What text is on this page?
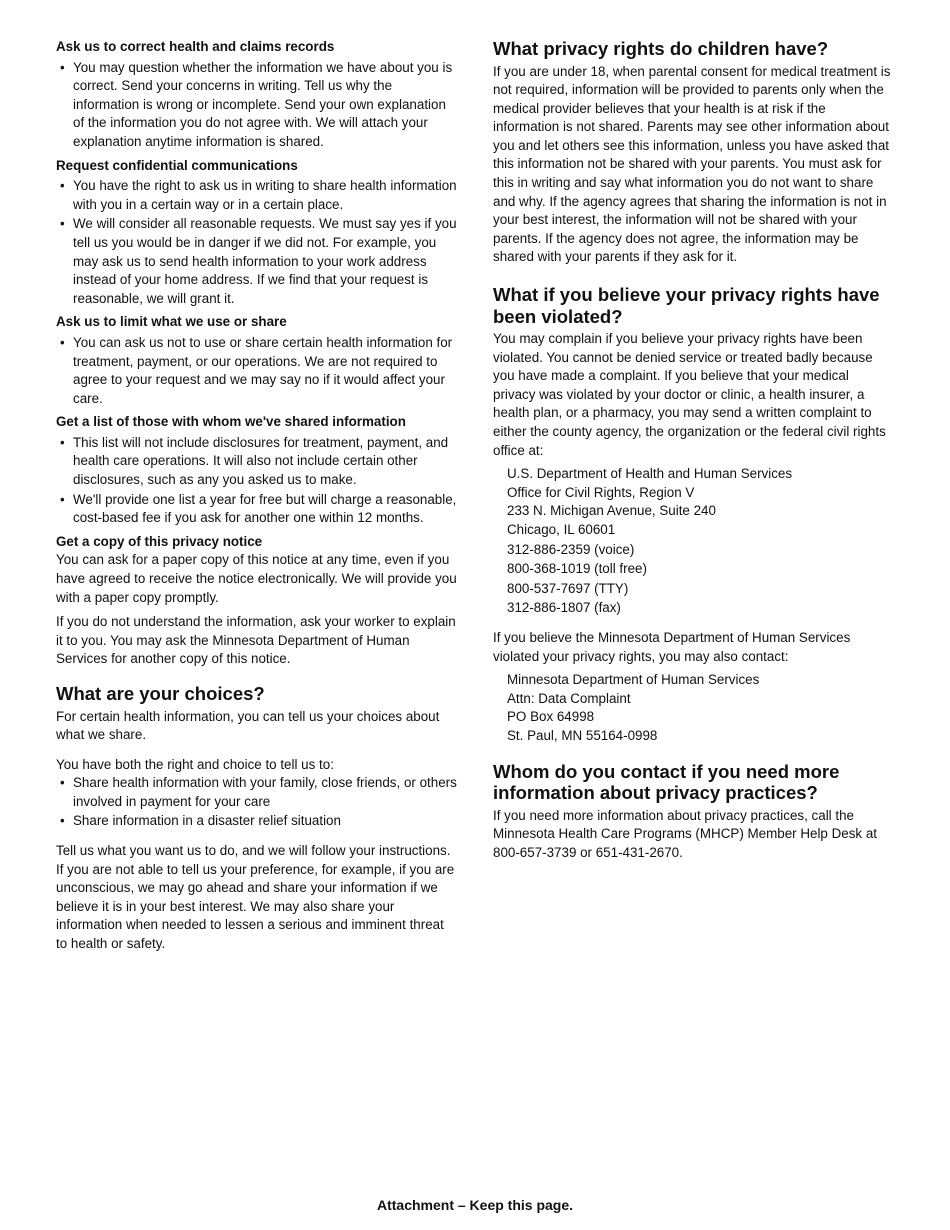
Ask us to correct health and claims records

• You may question whether the information we have about you is correct. Send your concerns in writing. Tell us why the information is wrong or incomplete. Send your own explanation of the information you do not agree with. We will attach your explanation anytime information is shared.

Request confidential communications

• You have the right to ask us in writing to share health information with you in a certain way or in a certain place.
• We will consider all reasonable requests. We must say yes if you tell us you would be in danger if we did not. For example, you may ask us to send health information to your work address instead of your home address. If we find that your request is reasonable, we will grant it.

Ask us to limit what we use or share

• You can ask us not to use or share certain health information for treatment, payment, or our operations. We are not required to agree to your request and we may say no if it would affect your care.

Get a list of those with whom we've shared information

• This list will not include disclosures for treatment, payment, and health care operations. It will also not include certain other disclosures, such as any you asked us to make.
• We'll provide one list a year for free but will charge a reasonable, cost-based fee if you ask for another one within 12 months.

Get a copy of this privacy notice

You can ask for a paper copy of this notice at any time, even if you have agreed to receive the notice electronically. We will provide you with a paper copy promptly.

If you do not understand the information, ask your worker to explain it to you. You may ask the Minnesota Department of Human Services for another copy of this notice.

What are your choices?

For certain health information, you can tell us your choices about what we share.

You have both the right and choice to tell us to:

• Share health information with your family, close friends, or others involved in payment for your care
• Share information in a disaster relief situation

Tell us what you want us to do, and we will follow your instructions. If you are not able to tell us your preference, for example, if you are unconscious, we may go ahead and share your information if we believe it is in your best interest. We may also share your information when needed to lessen a serious and imminent threat to health or safety.

What privacy rights do children have?

If you are under 18, when parental consent for medical treatment is not required, information will be provided to parents only when the medical provider believes that your health is at risk if the information is not shared. Parents may see other information about you and let others see this information, unless you have asked that this information not be shared with your parents. You must ask for this in writing and say what information you do not want to share and why. If the agency agrees that sharing the information is not in your best interest, the information will not be shared with your parents. If the agency does not agree, the information may be shared with your parents if they ask for it.

What if you believe your privacy rights have been violated?

You may complain if you believe your privacy rights have been violated. You cannot be denied service or treated badly because you have made a complaint. If you believe that your medical privacy was violated by your doctor or clinic, a health insurer, a health plan, or a pharmacy, you may send a written complaint to either the county agency, the organization or the federal civil rights office at:

U.S. Department of Health and Human Services

Office for Civil Rights, Region V

233 N. Michigan Avenue, Suite 240

Chicago, IL 60601

312-886-2359 (voice)

800-368-1019 (toll free)

800-537-7697 (TTY)

312-886-1807 (fax)

If you believe the Minnesota Department of Human Services violated your privacy rights, you may also contact:

Minnesota Department of Human Services

Attn: Data Complaint

PO Box 64998

St. Paul, MN 55164-0998

Whom do you contact if you need more information about privacy practices?

If you need more information about privacy practices, call the Minnesota Health Care Programs (MHCP) Member Help Desk at 800-657-3739 or 651-431-2670.

Attachment – Keep this page.
